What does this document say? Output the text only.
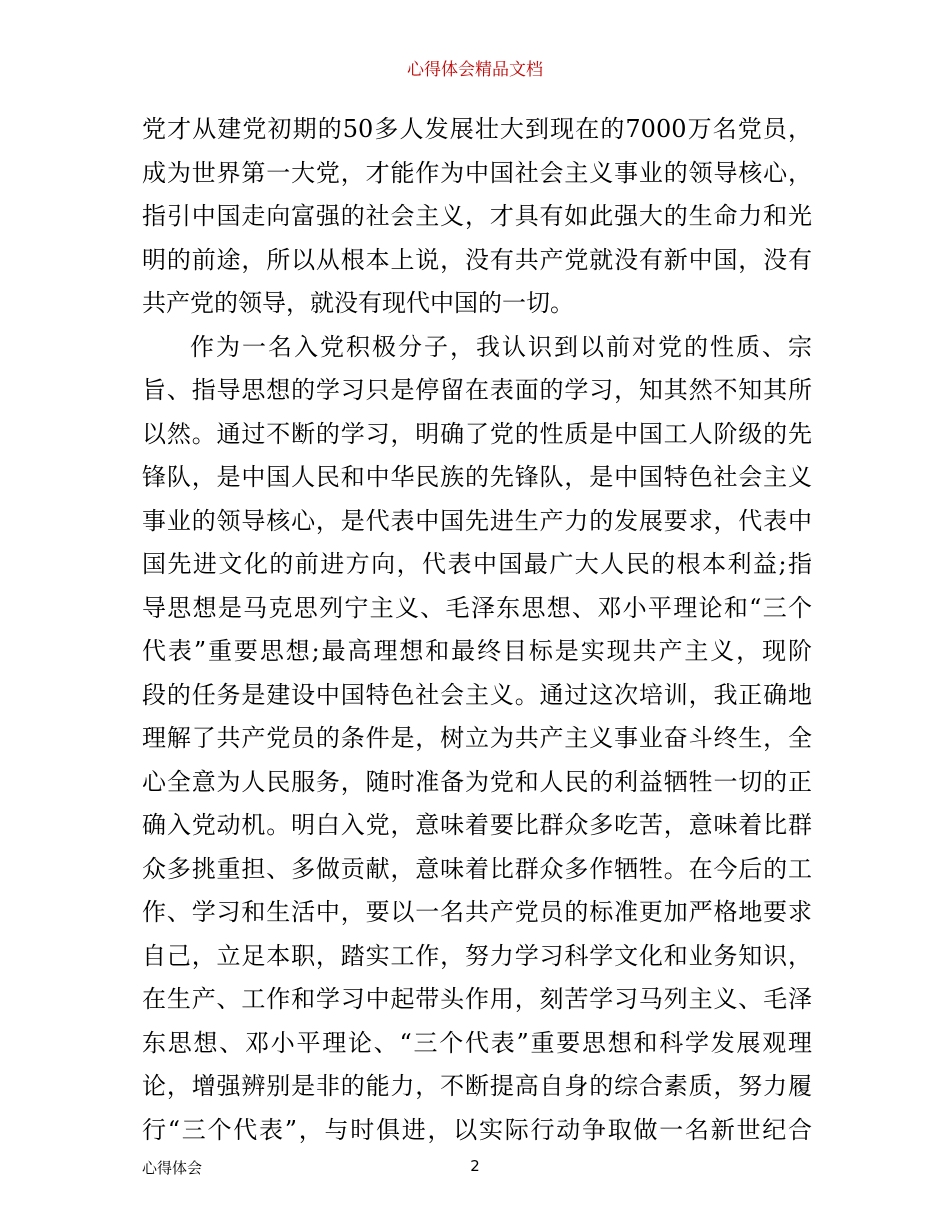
心得体会精品文档
党才从建党初期的50多人发展壮大到现在的7000万名党员，
成为世界第一大党，才能作为中国社会主义事业的领导核心，
指引中国走向富强的社会主义，才具有如此强大的生命力和光
明的前途，所以从根本上说，没有共产党就没有新中国，没有
共产党的领导，就没有现代中国的一切。
作为一名入党积极分子，我认识到以前对党的性质、宗
旨、指导思想的学习只是停留在表面的学习，知其然不知其所
以然。通过不断的学习，明确了党的性质是中国工人阶级的先
锋队，是中国人民和中华民族的先锋队，是中国特色社会主义
事业的领导核心，是代表中国先进生产力的发展要求，代表中
国先进文化的前进方向，代表中国最广大人民的根本利益;指
导思想是马克思列宁主义、毛泽东思想、邓小平理论和“三个
代表”重要思想;最高理想和最终目标是实现共产主义，现阶
段的任务是建设中国特色社会主义。通过这次培训，我正确地
理解了共产党员的条件是，树立为共产主义事业奋斗终生，全
心全意为人民服务，随时准备为党和人民的利益牺牲一切的正
确入党动机。明白入党，意味着要比群众多吃苦，意味着比群
众多挑重担、多做贡献，意味着比群众多作牺牲。在今后的工
作、学习和生活中，要以一名共产党员的标准更加严格地要求
自己，立足本职，踏实工作，努力学习科学文化和业务知识，
在生产、工作和学习中起带头作用，刻苦学习马列主义、毛泽
东思想、邓小平理论、“三个代表”重要思想和科学发展观理
论，增强辨别是非的能力，不断提高自身的综合素质，努力履
行“三个代表”，与时俱进，以实际行动争取做一名新世纪合
心得体会	2
